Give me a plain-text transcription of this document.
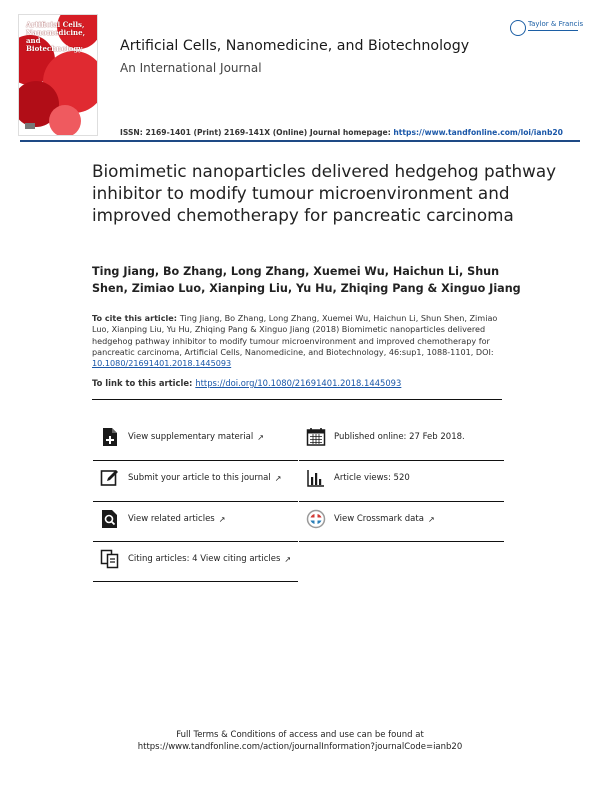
Artificial Cells, Nanomedicine, and Biotechnology	Artificial Cells, Nanomedicine, and Biotechnology
An International Journal
Taylor & Francis
ISSN: 2169-1401 (Print) 2169-141X (Online) Journal homepage: https://www.tandfonline.com/loi/ianb20
Biomimetic nanoparticles delivered hedgehog pathway inhibitor to modify tumour microenvironment and improved chemotherapy for pancreatic carcinoma
Ting Jiang, Bo Zhang, Long Zhang, Xuemei Wu, Haichun Li, Shun Shen, Zimiao Luo, Xianping Liu, Yu Hu, Zhiqing Pang & Xinguo Jiang
To cite this article: Ting Jiang, Bo Zhang, Long Zhang, Xuemei Wu, Haichun Li, Shun Shen, Zimiao Luo, Xianping Liu, Yu Hu, Zhiqing Pang & Xinguo Jiang (2018) Biomimetic nanoparticles delivered hedgehog pathway inhibitor to modify tumour microenvironment and improved chemotherapy for pancreatic carcinoma, Artificial Cells, Nanomedicine, and Biotechnology, 46:sup1, 1088-1101, DOI: 10.1080/21691401.2018.1445093
To link to this article: https://doi.org/10.1080/21691401.2018.1445093
View supplementary material ↗
Submit your article to this journal ↗
View related articles ↗
Citing articles: 4 View citing articles ↗
Published online: 27 Feb 2018.
Article views: 520
View Crossmark data ↗
Full Terms & Conditions of access and use can be found at
https://www.tandfonline.com/action/journalInformation?journalCode=ianb20
